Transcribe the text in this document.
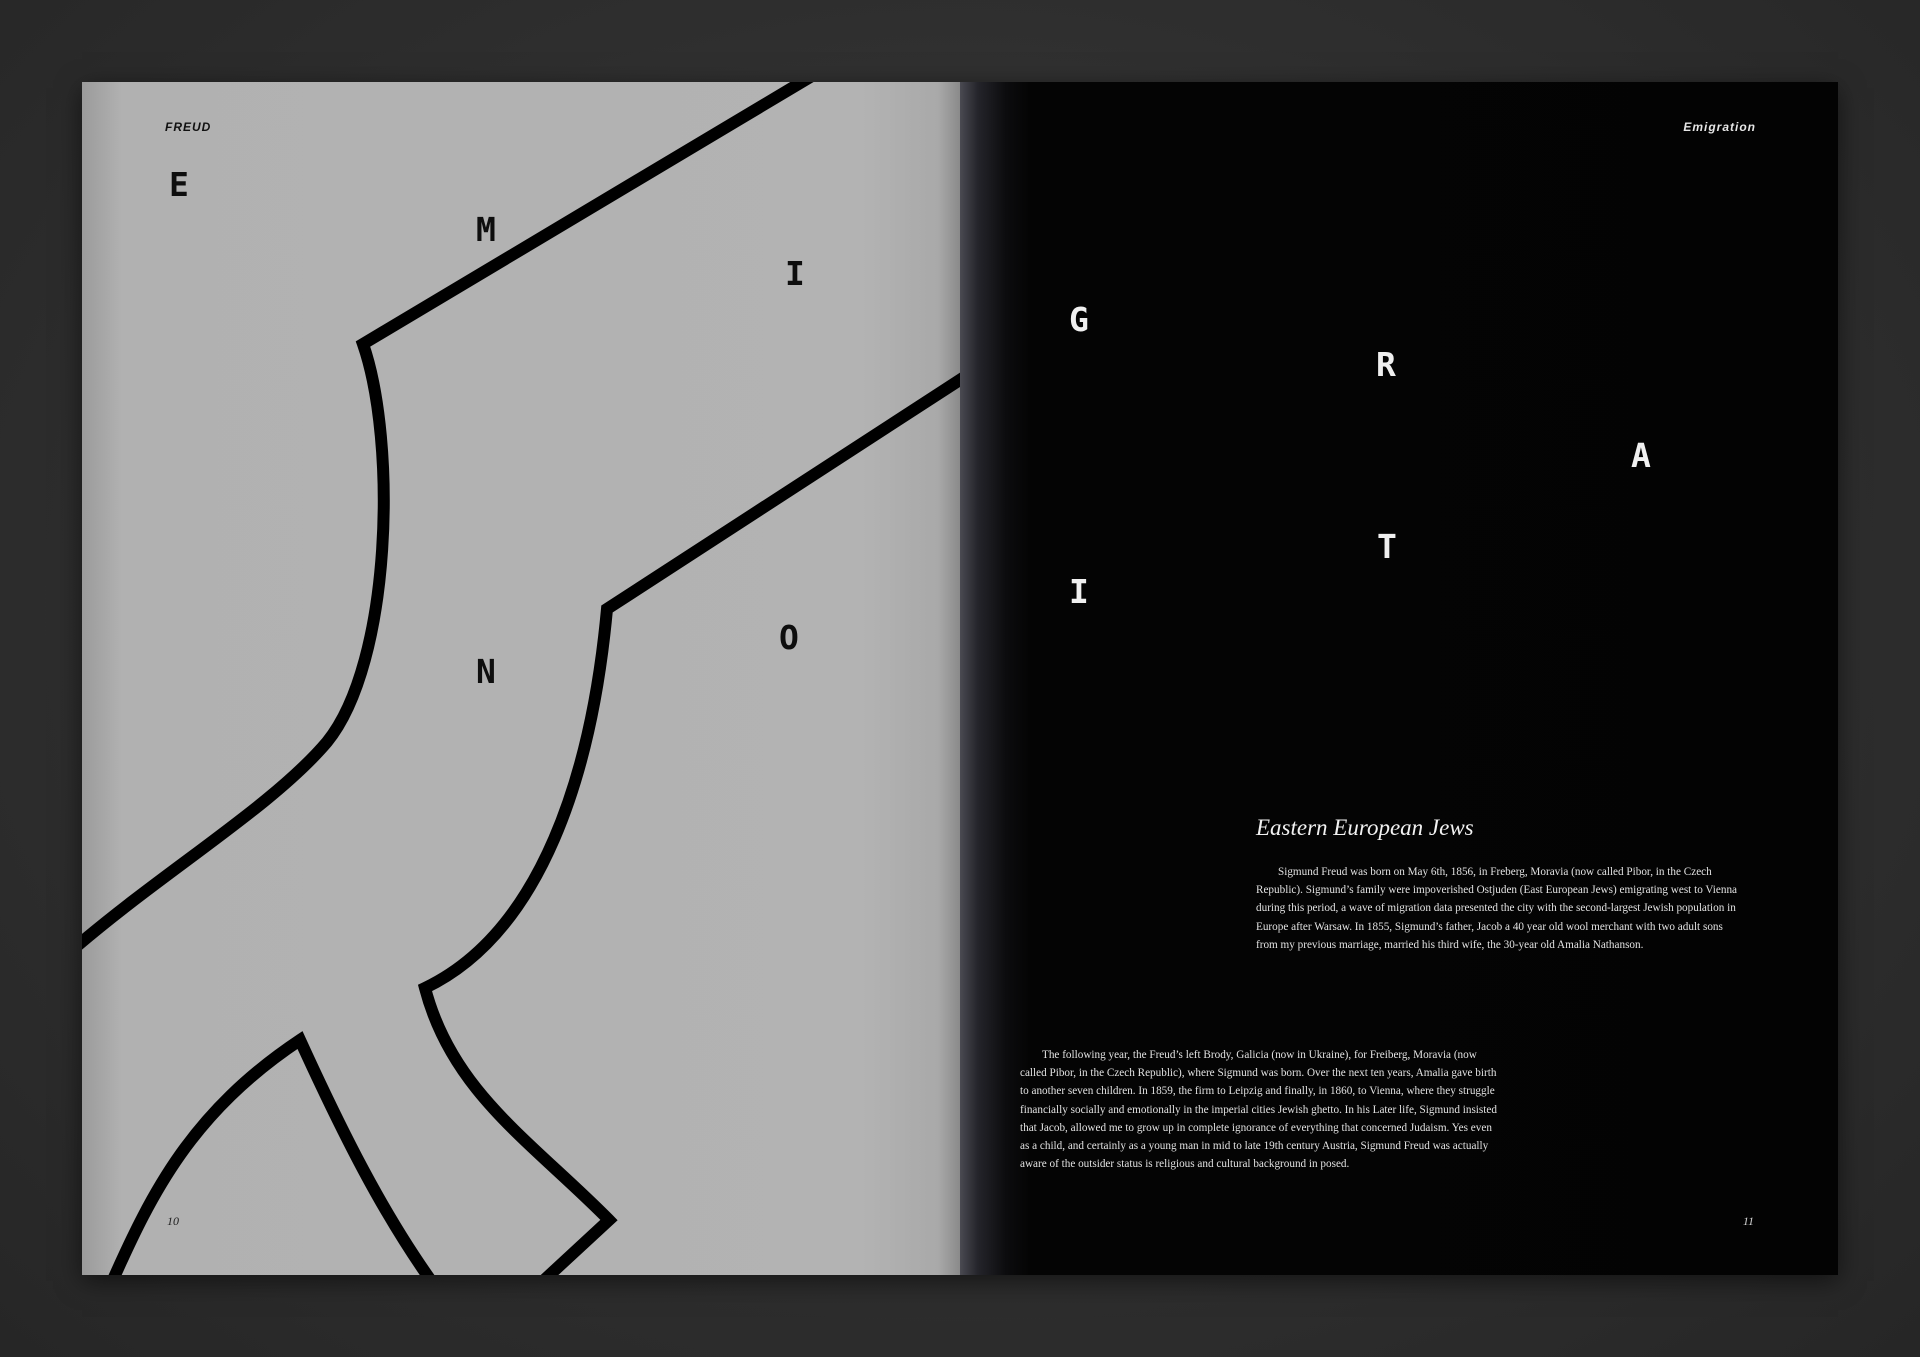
FREUD
E
M
I
N
O
10
Emigration
G
R
A
T
I
Eastern European Jews

Sigmund Freud was born on May 6th, 1856, in Freberg, Moravia (now called Pibor, in the Czech Republic). Sigmund’s family were impoverished Ostjuden (East European Jews) emigrating west to Vienna during this period, a wave of migration data presented the city with the second-largest Jewish population in Europe after Warsaw. In 1855, Sigmund’s father, Jacob a 40 year old wool merchant with two adult sons from my previous marriage, married his third wife, the 30-year old Amalia Nathanson.

The following year, the Freud’s left Brody, Galicia (now in Ukraine), for Freiberg, Moravia (now called Pibor, in the Czech Republic), where Sigmund was born. Over the next ten years, Amalia gave birth to another seven children. In 1859, the firm to Leipzig and finally, in 1860, to Vienna, where they struggle financially socially and emotionally in the imperial cities Jewish ghetto. In his Later life, Sigmund insisted that Jacob, allowed me to grow up in complete ignorance of everything that concerned Judaism. Yes even as a child, and certainly as a young man in mid to late 19th century Austria, Sigmund Freud was actually aware of the outsider status is religious and cultural background in posed.

11
